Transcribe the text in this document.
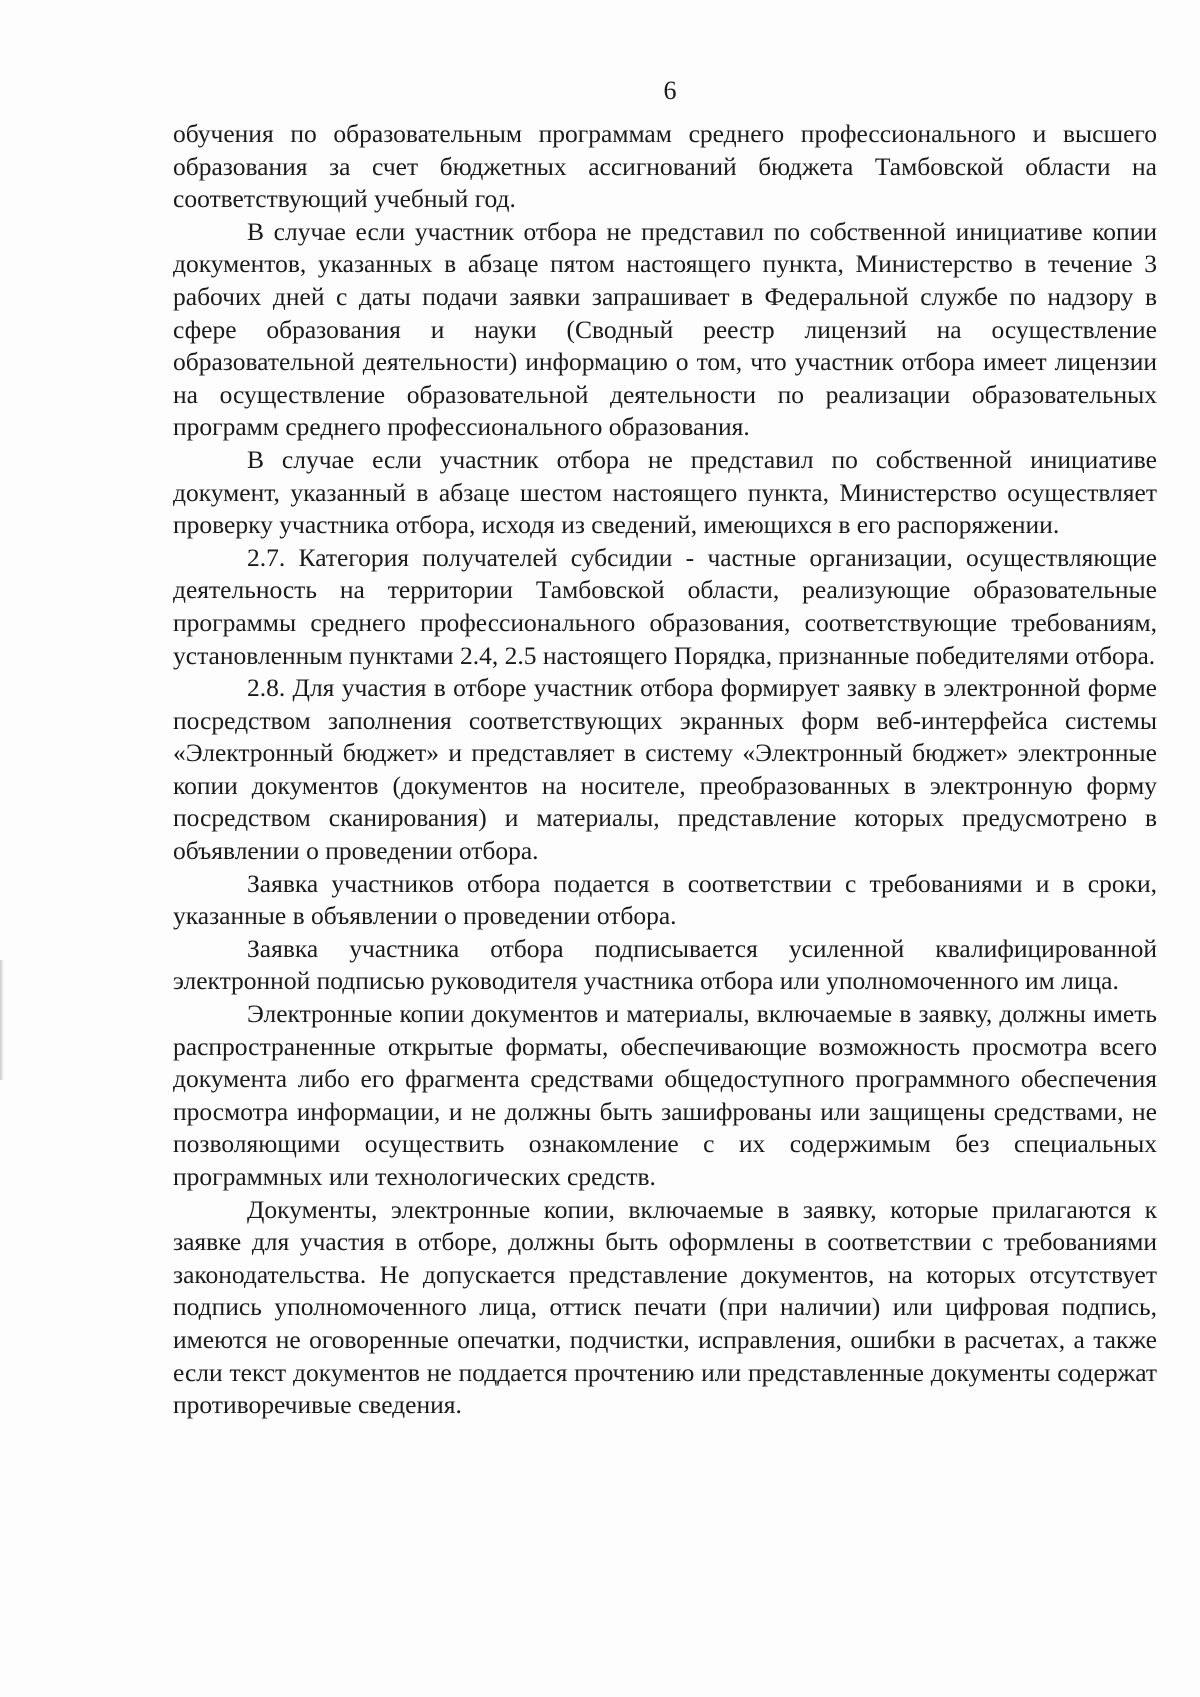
6

обучения по образовательным программам среднего профессионального и высшего образования за счет бюджетных ассигнований бюджета Тамбовской области на соответствующий учебный год.

В случае если участник отбора не представил по собственной инициативе копии документов, указанных в абзаце пятом настоящего пункта, Министерство в течение 3 рабочих дней с даты подачи заявки запрашивает в Федеральной службе по надзору в сфере образования и науки (Сводный реестр лицензий на осуществление образовательной деятельности) информацию о том, что участник отбора имеет лицензии на осуществление образовательной деятельности по реализации образовательных программ среднего профессионального образования.

В случае если участник отбора не представил по собственной инициативе документ, указанный в абзаце шестом настоящего пункта, Министерство осуществляет проверку участника отбора, исходя из сведений, имеющихся в его распоряжении.

2.7. Категория получателей субсидии - частные организации, осуществляющие деятельность на территории Тамбовской области, реализующие образовательные программы среднего профессионального образования, соответствующие требованиям, установленным пунктами 2.4, 2.5 настоящего Порядка, признанные победителями отбора.

2.8. Для участия в отборе участник отбора формирует заявку в электронной форме посредством заполнения соответствующих экранных форм веб-интерфейса системы «Электронный бюджет» и представляет в систему «Электронный бюджет» электронные копии документов (документов на носителе, преобразованных в электронную форму посредством сканирования) и материалы, представление которых предусмотрено в объявлении о проведении отбора.

Заявка участников отбора подается в соответствии с требованиями и в сроки, указанные в объявлении о проведении отбора.

Заявка участника отбора подписывается усиленной квалифицированной электронной подписью руководителя участника отбора или уполномоченного им лица.

Электронные копии документов и материалы, включаемые в заявку, должны иметь распространенные открытые форматы, обеспечивающие возможность просмотра всего документа либо его фрагмента средствами общедоступного программного обеспечения просмотра информации, и не должны быть зашифрованы или защищены средствами, не позволяющими осуществить ознакомление с их содержимым без специальных программных или технологических средств.

Документы, электронные копии, включаемые в заявку, которые прилагаются к заявке для участия в отборе, должны быть оформлены в соответствии с требованиями законодательства. Не допускается представление документов, на которых отсутствует подпись уполномоченного лица, оттиск печати (при наличии) или цифровая подпись, имеются не оговоренные опечатки, подчистки, исправления, ошибки в расчетах, а также если текст документов не поддается прочтению или представленные документы содержат противоречивые сведения.
